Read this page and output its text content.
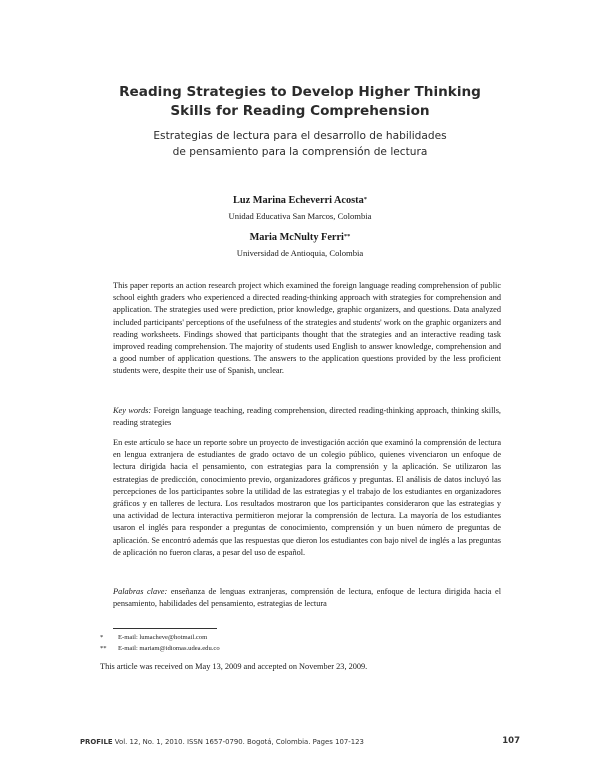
Reading Strategies to Develop Higher Thinking
Skills for Reading Comprehension
Estrategias de lectura para el desarrollo de habilidades
de pensamiento para la comprensión de lectura
Luz Marina Echeverri Acosta*
Unidad Educativa San Marcos, Colombia
Maria McNulty Ferri**
Universidad de Antioquia, Colombia

This paper reports an action research project which examined the foreign language reading comprehension of public school eighth graders who experienced a directed reading-thinking approach with strategies for comprehension and application. The strategies used were prediction, prior knowledge, graphic organizers, and questions. Data analyzed included participants' perceptions of the usefulness of the strategies and students' work on the graphic organizers and reading worksheets. Findings showed that participants thought that the strategies and an interactive reading task improved reading comprehension. The majority of students used English to answer knowledge, comprehension and a good number of application questions. The answers to the application questions provided by the less proficient students were, despite their use of Spanish, unclear.

Key words: Foreign language teaching, reading comprehension, directed reading-thinking approach, thinking skills, reading strategies

En este artículo se hace un reporte sobre un proyecto de investigación acción que examinó la comprensión de lectura en lengua extranjera de estudiantes de grado octavo de un colegio público, quienes vivenciaron un enfoque de lectura dirigida hacia el pensamiento, con estrategias para la comprensión y la aplicación. Se utilizaron las estrategias de predicción, conocimiento previo, organizadores gráficos y preguntas. El análisis de datos incluyó las percepciones de los participantes sobre la utilidad de las estrategias y el trabajo de los estudiantes en organizadores gráficos y en talleres de lectura. Los resultados mostraron que los participantes consideraron que las estrategias y una actividad de lectura interactiva permitieron mejorar la comprensión de lectura. La mayoría de los estudiantes usaron el inglés para responder a preguntas de conocimiento, comprensión y un buen número de preguntas de aplicación. Se encontró además que las respuestas que dieron los estudiantes con bajo nivel de inglés a las preguntas de aplicación no fueron claras, a pesar del uso de español.

Palabras clave: enseñanza de lenguas extranjeras, comprensión de lectura, enfoque de lectura dirigida hacia el pensamiento, habilidades del pensamiento, estrategias de lectura

* E-mail: lumacheve@hotmail.com
** E-mail: mariam@idiomas.udea.edu.co
This article was received on May 13, 2009 and accepted on November 23, 2009.
PROFILE Vol. 12, No. 1, 2010. ISSN 1657-0790. Bogotá, Colombia. Pages 107-123	107
